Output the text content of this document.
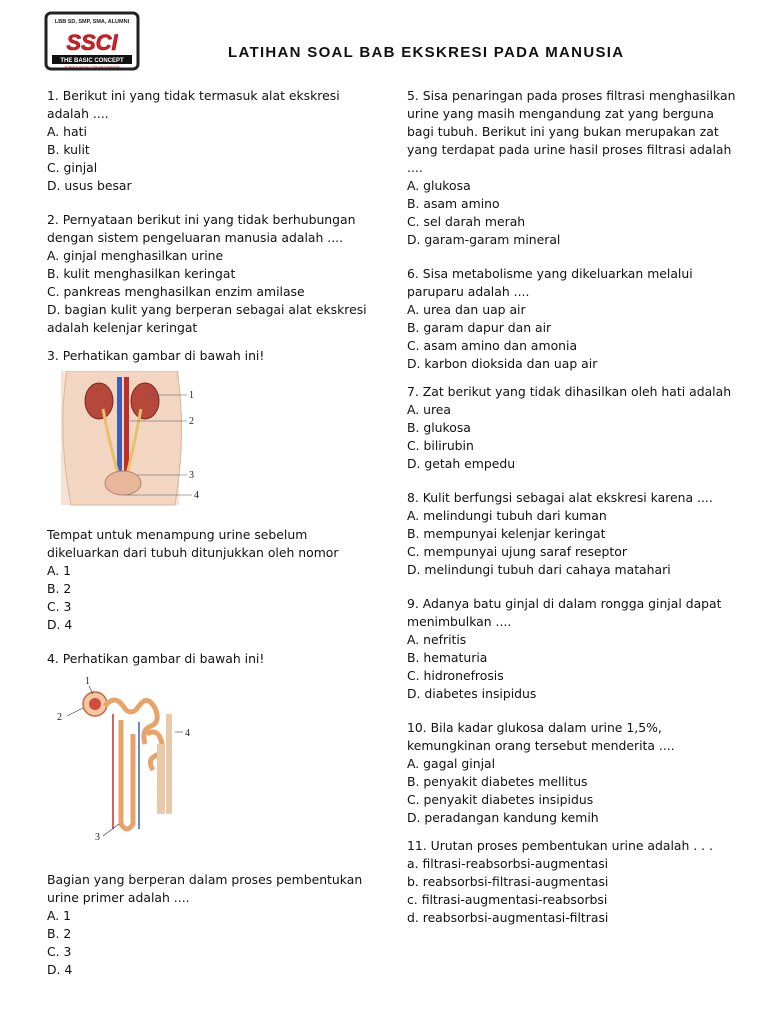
LBB SD, SMP, SMA, ALUMNI
SSCI
THE BASIC CONCEPT
SCIENCE SOCIAL CONCEPT INTENSIF
LATIHAN SOAL BAB EKSKRESI PADA MANUSIA

1. Berikut ini yang tidak termasuk alat ekskresi adalah ....

A. hati
B. kulit
C. ginjal
D. usus besar

2. Pernyataan berikut ini yang tidak berhubungan dengan sistem pengeluaran manusia adalah ....

A. ginjal menghasilkan urine
B. kulit menghasilkan keringat
C. pankreas menghasilkan enzim amilase
D. bagian kulit yang berperan sebagai alat ekskresi adalah kelenjar keringat

3. Perhatikan gambar di bawah ini!

1
2
3
4

Tempat untuk menampung urine sebelum dikeluarkan dari tubuh ditunjukkan oleh nomor

A. 1
B. 2
C. 3
D. 4

4. Perhatikan gambar di bawah ini!

1
2
3
4

Bagian yang berperan dalam proses pembentukan urine primer adalah ....

A. 1
B. 2
C. 3
D. 4

5. Sisa penaringan pada proses filtrasi menghasilkan urine yang masih mengandung zat yang berguna bagi tubuh. Berikut ini yang bukan merupakan zat yang terdapat pada urine hasil proses filtrasi adalah ....

A. glukosa
B. asam amino
C. sel darah merah
D. garam-garam mineral

6. Sisa metabolisme yang dikeluarkan melalui paruparu adalah ....

A. urea dan uap air
B. garam dapur dan air
C. asam amino dan amonia
D. karbon dioksida dan uap air

7. Zat berikut yang tidak dihasilkan oleh hati adalah

A. urea
B. glukosa
C. bilirubin
D. getah empedu

8. Kulit berfungsi sebagai alat ekskresi karena ....

A. melindungi tubuh dari kuman
B. mempunyai kelenjar keringat
C. mempunyai ujung saraf reseptor
D. melindungi tubuh dari cahaya matahari

9. Adanya batu ginjal di dalam rongga ginjal dapat menimbulkan ....

A. nefritis
B. hematuria
C. hidronefrosis
D. diabetes insipidus

10. Bila kadar glukosa dalam urine 1,5%, kemungkinan orang tersebut menderita ....

A. gagal ginjal
B. penyakit diabetes mellitus
C. penyakit diabetes insipidus
D. peradangan kandung kemih

11. Urutan proses pembentukan urine adalah . . .

a. filtrasi-reabsorbsi-augmentasi
b. reabsorbsi-filtrasi-augmentasi
c. filtrasi-augmentasi-reabsorbsi
d. reabsorbsi-augmentasi-filtrasi
